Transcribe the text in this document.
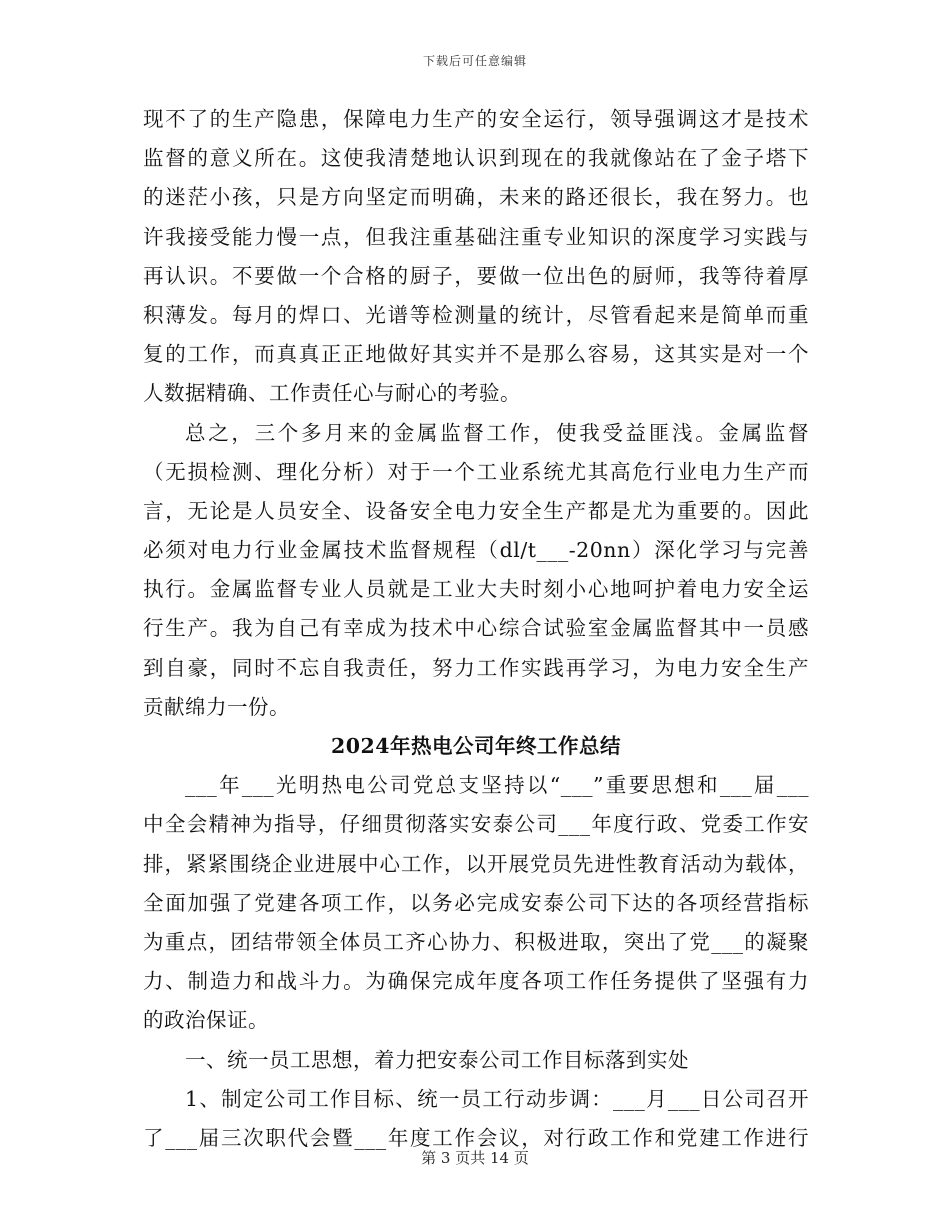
下载后可任意编辑
现不了的生产隐患，保障电力生产的安全运行，领导强调这才是技术
监督的意义所在。这使我清楚地认识到现在的我就像站在了金子塔下
的迷茫小孩，只是方向坚定而明确，未来的路还很长，我在努力。也
许我接受能力慢一点，但我注重基础注重专业知识的深度学习实践与
再认识。不要做一个合格的厨子，要做一位出色的厨师，我等待着厚
积薄发。每月的焊口、光谱等检测量的统计，尽管看起来是简单而重
复的工作，而真真正正地做好其实并不是那么容易，这其实是对一个
人数据精确、工作责任心与耐心的考验。
总之，三个多月来的金属监督工作，使我受益匪浅。金属监督
（无损检测、理化分析）对于一个工业系统尤其高危行业电力生产而
言，无论是人员安全、设备安全电力安全生产都是尤为重要的。因此
必须对电力行业金属技术监督规程（dl/t___-20nn）深化学习与完善
执行。金属监督专业人员就是工业大夫时刻小心地呵护着电力安全运
行生产。我为自己有幸成为技术中心综合试验室金属监督其中一员感
到自豪，同时不忘自我责任，努力工作实践再学习，为电力安全生产
贡献绵力一份。
2024年热电公司年终工作总结
___年___光明热电公司党总支坚持以“___”重要思想和___届___
中全会精神为指导，仔细贯彻落实安泰公司___年度行政、党委工作安
排，紧紧围绕企业进展中心工作，以开展党员先进性教育活动为载体，
全面加强了党建各项工作，以务必完成安泰公司下达的各项经营指标
为重点，团结带领全体员工齐心协力、积极进取，突出了党___的凝聚
力、制造力和战斗力。为确保完成年度各项工作任务提供了坚强有力
的政治保证。
一、统一员工思想，着力把安泰公司工作目标落到实处
1、制定公司工作目标、统一员工行动步调：___月___日公司召开
了___届三次职代会暨___年度工作会议，对行政工作和党建工作进行
第 3 页共 14 页
